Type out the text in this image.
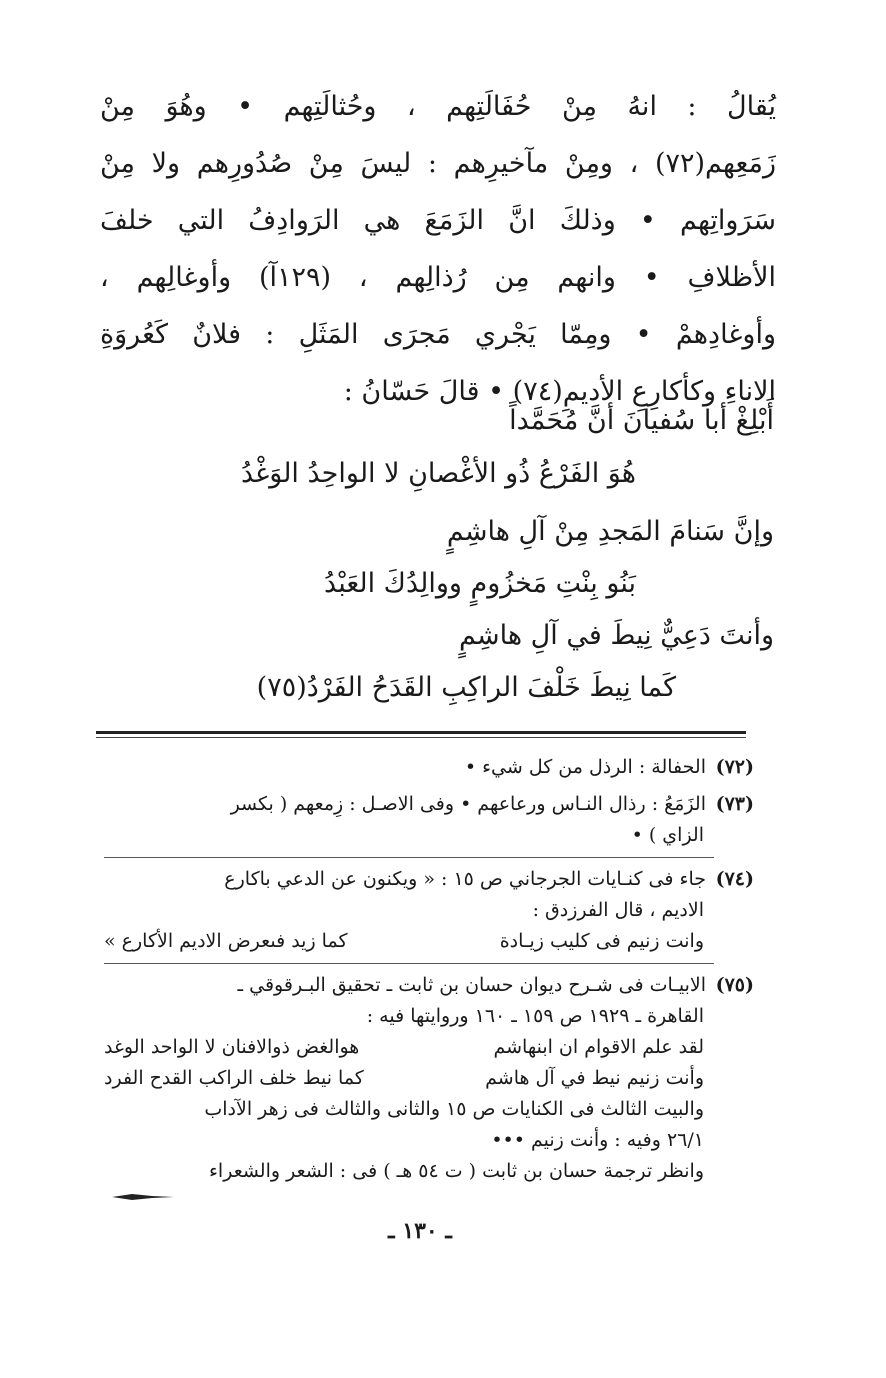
يُقالُ : انهُ مِنْ حُفَالَتِهم ، وحُثالَتِهم • وهُوَ مِنْ
زَمَعِهم(٧٢) ، ومِنْ مآخيرِهم : ليسَ مِنْ صُدُورِهم ولا مِنْ
سَرَواتِهم • وذلكَ انَّ الزَمَعَ هي الرَوادِفُ التي خلفَ
الأظلافِ • وانهم مِن رُذالِهم ، (١٢٩آ) وأوغالِهم ،
وأوغادِهمْ • ومِمّا يَجْري مَجرَى المَثَلِ : فلانٌ كَعُروَةِ
الاناءِ وكأكارِعِ الأديمِ(٧٤) • قالَ حَسّانُ :
أَبْلِغْ أبا سُفيانَ أنَّ مُحَمَّداً
هُوَ الفَرْعُ ذُو الأغْصانِ لا الواحِدُ الوَغْدُ
وإنَّ سَنامَ المَجدِ مِنْ آلِ هاشِمٍ
بَنُو بِنْتِ مَخزُومٍ ووالِدُكَ العَبْدُ
وأنتَ دَعِيٌّ نِيطَ في آلِ هاشِمٍ
كَما نِيطَ خَلْفَ الراكِبِ القَدَحُ الفَرْدُ(٧٥)
(٧٢)الحفالة : الرذل من كل شيء •
(٧٣)الزَمَعُ : رذال النـاس ورعاعهم • وفى الاصـل : زِمعهم ( بكسر
الزاي ) •
(٧٤)جاء فى كنـايات الجرجاني ص ١٥ : « ويكنون عن الدعي باكارع
الاديم ، قال الفرزدق :
وانت زنيم فى كليب زيـادة
كما زيد فىعرض الاديم الأكارع »
(٧٥)الابيـات فى شـرح ديوان حسان بن ثابت ـ تحقيق البـرقوقي ـ
القاهرة ـ ١٩٢٩ ص ١٥٩ ـ ١٦٠ وروايتها فيه :
لقد علم الاقوام ان ابنهاشم
هوالغض ذوالافنان لا الواحد الوغد
وأنت زنيم نيط في آل هاشم
كما نيط خلف الراكب القدح الفرد
والبيت الثالث فى الكنايات ص ١٥ والثانى والثالث فى زهر الآداب
٢٦/١ وفيه : وأنت زنيم •••
وانظر ترجمة حسان بن ثابت ( ت ٥٤ هـ ) فى : الشعر والشعراء
ـ ١٣٠ ـ
